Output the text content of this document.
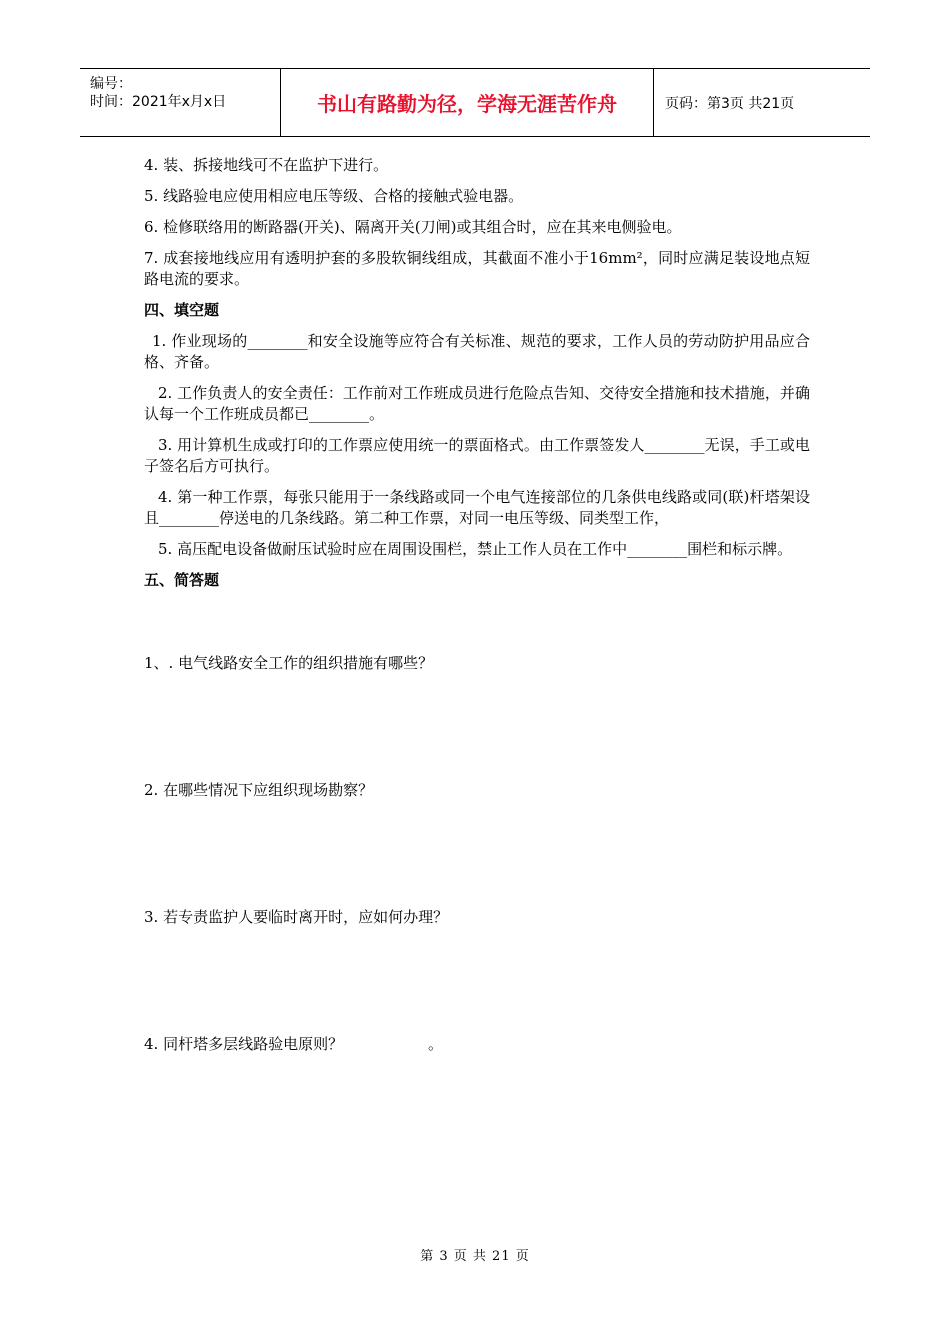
编号：
时间：2021年x月x日	书山有路勤为径，学海无涯苦作舟	页码：第3页 共21页

4. 装、拆接地线可不在监护下进行。

5. 线路验电应使用相应电压等级、合格的接触式验电器。

6. 检修联络用的断路器(开关)、隔离开关(刀闸)或其组合时，应在其来电侧验电。

7. 成套接地线应用有透明护套的多股软铜线组成，其截面不准小于16mm²，同时应满足装设地点短路电流的要求。

四、填空题

1. 作业现场的________和安全设施等应符合有关标准、规范的要求，工作人员的劳动防护用品应合格、齐备。

2. 工作负责人的安全责任：工作前对工作班成员进行危险点告知、交待安全措施和技术措施，并确认每一个工作班成员都已________。

3. 用计算机生成或打印的工作票应使用统一的票面格式。由工作票签发人________无误，手工或电子签名后方可执行。

4. 第一种工作票，每张只能用于一条线路或同一个电气连接部位的几条供电线路或同(联)杆塔架设且________停送电的几条线路。第二种工作票，对同一电压等级、同类型工作，

5. 高压配电设备做耐压试验时应在周围设围栏，禁止工作人员在工作中________围栏和标示牌。

五、简答题
1、. 电气线路安全工作的组织措施有哪些？
2. 在哪些情况下应组织现场勘察？
3. 若专责监护人要临时离开时，应如何办理？
4. 同杆塔多层线路验电原则？	。
第 3 页 共 21 页
